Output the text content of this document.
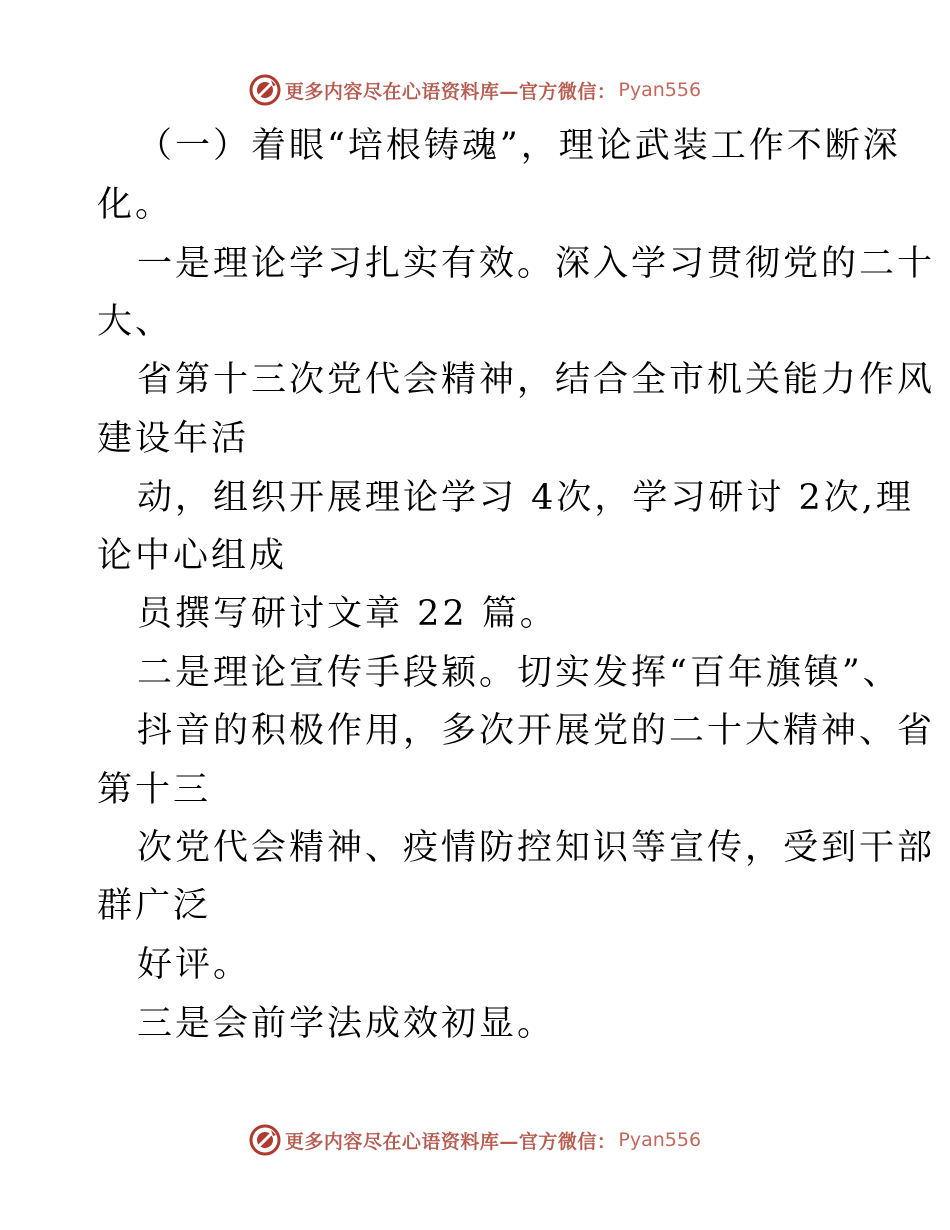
更多内容尽在心语资料库—官方微信： Pyan556
（一）着眼“培根铸魂”，理论武装工作不断深
化。
一是理论学习扎实有效。深入学习贯彻党的二十
大、
省第十三次党代会精神，结合全市机关能力作风
建设年活
动，组织开展理论学习 4次，学习研讨 2次,理
论中心组成
员撰写研讨文章 22 篇。
二是理论宣传手段颖。切实发挥“百年旗镇”、
抖音的积极作用，多次开展党的二十大精神、省
第十三
次党代会精神、疫情防控知识等宣传，受到干部
群广泛
好评。
三是会前学法成效初显。
更多内容尽在心语资料库—官方微信： Pyan556
